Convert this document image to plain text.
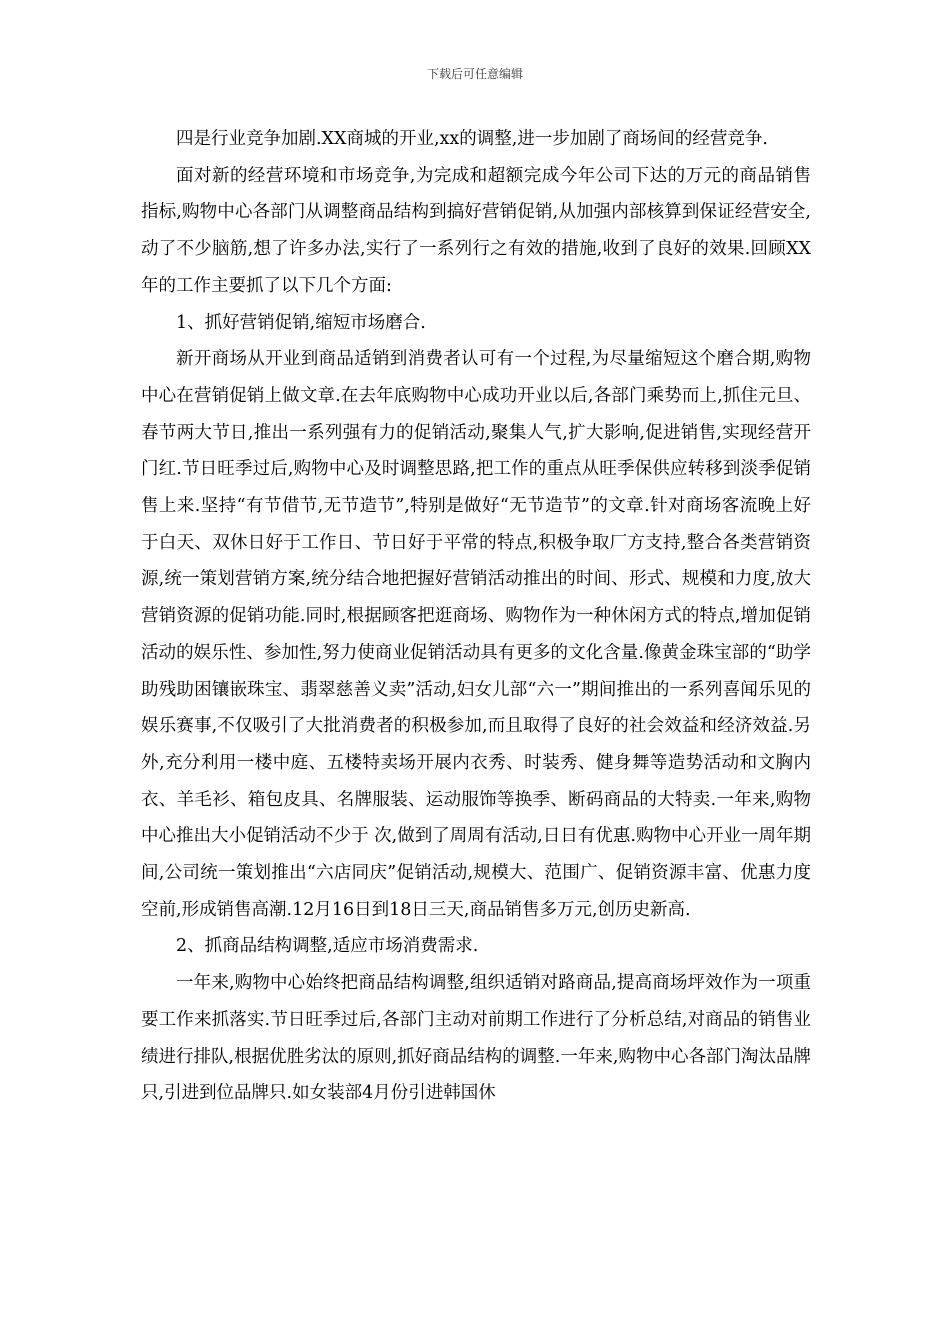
下载后可任意编辑

四是行业竞争加剧.XX商城的开业,xx的调整,进一步加剧了商场间的经营竞争.

面对新的经营环境和市场竞争,为完成和超额完成今年公司下达的万元的商品销售指标,购物中心各部门从调整商品结构到搞好营销促销,从加强内部核算到保证经营安全,动了不少脑筋,想了许多办法,实行了一系列行之有效的措施,收到了良好的效果.回顾XX年的工作主要抓了以下几个方面:

1、抓好营销促销,缩短市场磨合.

新开商场从开业到商品适销到消费者认可有一个过程,为尽量缩短这个磨合期,购物中心在营销促销上做文章.在去年底购物中心成功开业以后,各部门乘势而上,抓住元旦、春节两大节日,推出一系列强有力的促销活动,聚集人气,扩大影响,促进销售,实现经营开门红.节日旺季过后,购物中心及时调整思路,把工作的重点从旺季保供应转移到淡季促销售上来.坚持“有节借节,无节造节”,特别是做好“无节造节”的文章.针对商场客流晚上好于白天、双休日好于工作日、节日好于平常的特点,积极争取厂方支持,整合各类营销资源,统一策划营销方案,统分结合地把握好营销活动推出的时间、形式、规模和力度,放大营销资源的促销功能.同时,根据顾客把逛商场、购物作为一种休闲方式的特点,增加促销活动的娱乐性、参加性,努力使商业促销活动具有更多的文化含量.像黄金珠宝部的“助学助残助困镶嵌珠宝、翡翠慈善义卖”活动,妇女儿部“六一”期间推出的一系列喜闻乐见的娱乐赛事,不仅吸引了大批消费者的积极参加,而且取得了良好的社会效益和经济效益.另外,充分利用一楼中庭、五楼特卖场开展内衣秀、时装秀、健身舞等造势活动和文胸内衣、羊毛衫、箱包皮具、名牌服装、运动服饰等换季、断码商品的大特卖.一年来,购物中心推出大小促销活动不少于 次,做到了周周有活动,日日有优惠.购物中心开业一周年期间,公司统一策划推出“六店同庆”促销活动,规模大、范围广、促销资源丰富、优惠力度空前,形成销售高潮.12月16日到18日三天,商品销售多万元,创历史新高.

2、抓商品结构调整,适应市场消费需求.

一年来,购物中心始终把商品结构调整,组织适销对路商品,提高商场坪效作为一项重要工作来抓落实.节日旺季过后,各部门主动对前期工作进行了分析总结,对商品的销售业绩进行排队,根据优胜劣汰的原则,抓好商品结构的调整.一年来,购物中心各部门淘汰品牌只,引进到位品牌只.如女装部4月份引进韩国休
